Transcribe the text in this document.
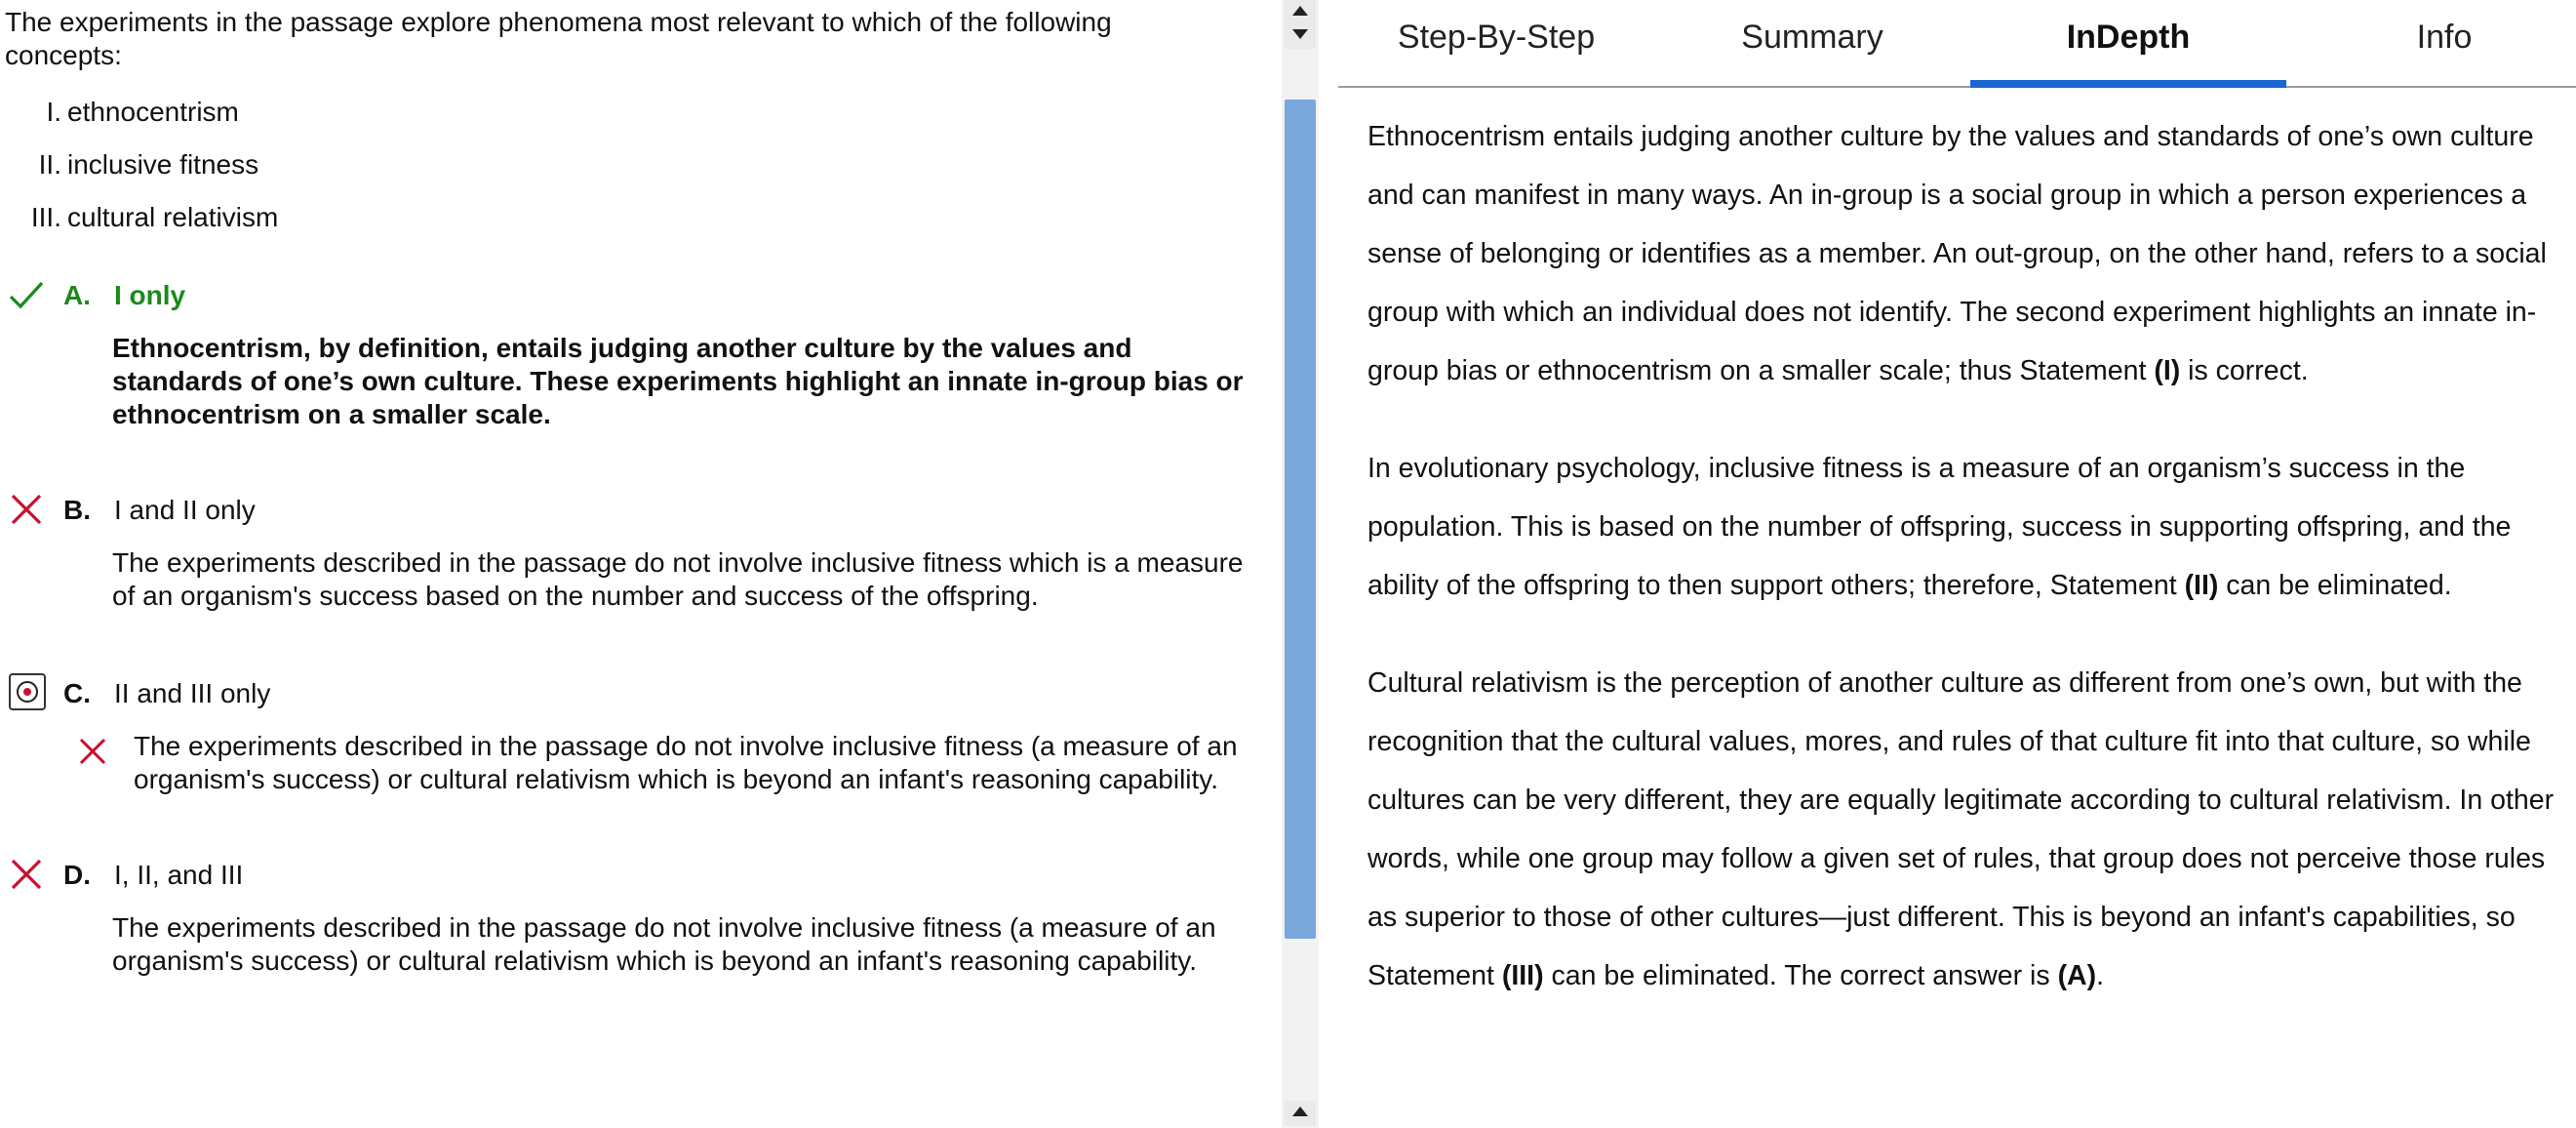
The experiments in the passage explore phenomena most relevant to which of the following concepts:

I. ethnocentrism
II. inclusive fitness
III. cultural relativism
A. I only

Ethnocentrism, by definition, entails judging another culture by the values and standards of one’s own culture. These experiments highlight an innate in-group bias or ethnocentrism on a smaller scale.

B. I and II only

The experiments described in the passage do not involve inclusive fitness which is a measure of an organism's success based on the number and success of the offspring.

C. II and III only

The experiments described in the passage do not involve inclusive fitness (a measure of an organism's success) or cultural relativism which is beyond an infant's reasoning capability.

D. I, II, and III

The experiments described in the passage do not involve inclusive fitness (a measure of an organism's success) or cultural relativism which is beyond an infant's reasoning capability.

Step-By-Step	Summary	InDepth	Info

Ethnocentrism entails judging another culture by the values and standards of one’s own culture and can manifest in many ways. An in-group is a social group in which a person experiences a sense of belonging or identifies as a member. An out-group, on the other hand, refers to a social group with which an individual does not identify. The second experiment highlights an innate in-group bias or ethnocentrism on a smaller scale; thus Statement (I) is correct.

In evolutionary psychology, inclusive fitness is a measure of an organism’s success in the population. This is based on the number of offspring, success in supporting offspring, and the ability of the offspring to then support others; therefore, Statement (II) can be eliminated.

Cultural relativism is the perception of another culture as different from one’s own, but with the recognition that the cultural values, mores, and rules of that culture fit into that culture, so while cultures can be very different, they are equally legitimate according to cultural relativism. In other words, while one group may follow a given set of rules, that group does not perceive those rules as superior to those of other cultures—just different. This is beyond an infant's capabilities, so Statement (III) can be eliminated. The correct answer is (A).
